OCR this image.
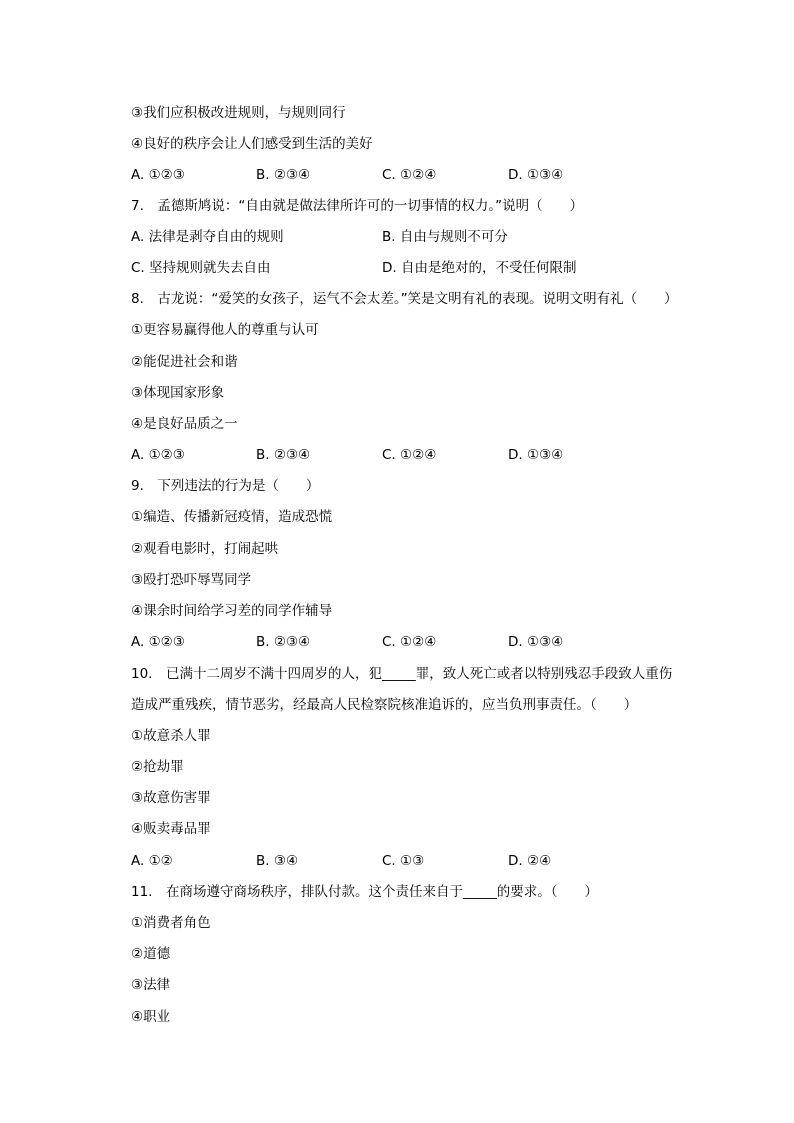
③我们应积极改进规则，与规则同行
④良好的秩序会让人们感受到生活的美好
A. ①②③	B. ②③④	C. ①②④	D. ①③④
7.　孟德斯鸠说：“自由就是做法律所许可的一切事情的权力。”说明（　　）
A. 法律是剥夺自由的规则	B. 自由与规则不可分
C. 坚持规则就失去自由	D. 自由是绝对的，不受任何限制
8.　古龙说：“爱笑的女孩子，运气不会太差。”笑是文明有礼的表现。说明文明有礼（　　）
①更容易赢得他人的尊重与认可
②能促进社会和谐
③体现国家形象
④是良好品质之一
A. ①②③	B. ②③④	C. ①②④	D. ①③④
9.　下列违法的行为是（　　）
①编造、传播新冠疫情，造成恐慌
②观看电影时，打闹起哄
③殴打恐吓辱骂同学
④课余时间给学习差的同学作辅导
A. ①②③	B. ②③④	C. ①②④	D. ①③④
10.　已满十二周岁不满十四周岁的人，犯_____罪，致人死亡或者以特别残忍手段致人重伤
造成严重残疾，情节恶劣，经最高人民检察院核准追诉的，应当负刑事责任。（　　）
①故意杀人罪
②抢劫罪
③故意伤害罪
④贩卖毒品罪
A. ①②	B. ③④	C. ①③	D. ②④
11.　在商场遵守商场秩序，排队付款。这个责任来自于_____的要求。（　　）
①消费者角色
②道德
③法律
④职业
